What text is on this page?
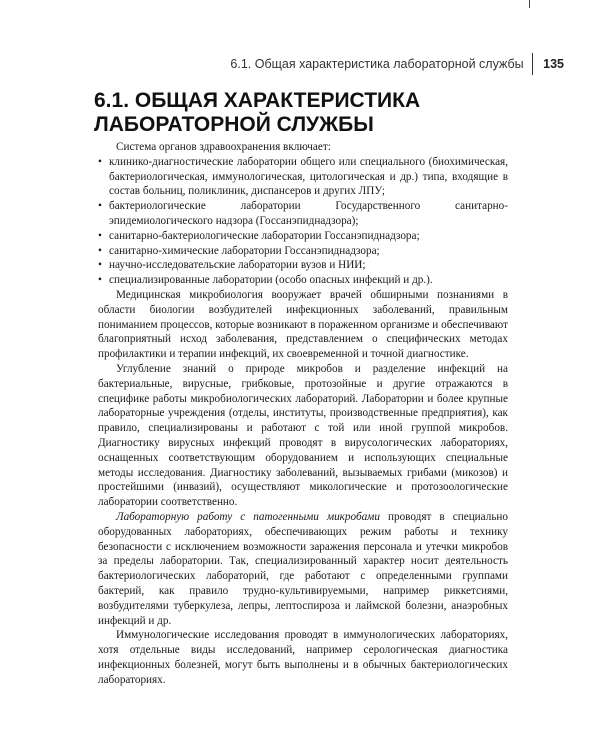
6.1. Общая характеристика лабораторной службы	135
6.1. ОБЩАЯ ХАРАКТЕРИСТИКА
ЛАБОРАТОРНОЙ СЛУЖБЫ

Система органов здравоохранения включает:

• клинико-диагностические лаборатории общего или специального (биохимическая, бактериологическая, иммунологическая, цитологическая и др.) типа, входящие в состав больниц, поликлиник, диспансеров и других ЛПУ;
• бактериологические лаборатории Государственного санитарно-эпидемиологического надзора (Госсанэпиднадзора);
• санитарно-бактериологические лаборатории Госсанэпиднадзора;
• санитарно-химические лаборатории Госсанэпиднадзора;
• научно-исследовательские лаборатории вузов и НИИ;
• специализированные лаборатории (особо опасных инфекций и др.).

Медицинская микробиология вооружает врачей обширными познаниями в области биологии возбудителей инфекционных заболеваний, правильным пониманием процессов, которые возникают в пораженном организме и обеспечивают благоприятный исход заболевания, представлением о специфических методах профилактики и терапии инфекций, их своевременной и точной диагностике.

Углубление знаний о природе микробов и разделение инфекций на бактериальные, вирусные, грибковые, протозойные и другие отражаются в специфике работы микробиологических лабораторий. Лаборатории и более крупные лабораторные учреждения (отделы, институты, производственные предприятия), как правило, специализированы и работают с той или иной группой микробов. Диагностику вирусных инфекций проводят в вирусологических лабораториях, оснащенных соответствующим оборудованием и использующих специальные методы исследования. Диагностику заболеваний, вызываемых грибами (микозов) и простейшими (инвазий), осуществляют микологические и протозоологические лаборатории соответственно.

Лабораторную работу с патогенными микробами проводят в специально оборудованных лабораториях, обеспечивающих режим работы и технику безопасности с исключением возможности заражения персонала и утечки микробов за пределы лаборатории. Так, специализированный характер носит деятельность бактериологических лабораторий, где работают с определенными группами бактерий, как правило трудно-культивируемыми, например риккетсиями, возбудителями туберкулеза, лепры, лептоспироза и лаймской болезни, анаэробных инфекций и др.

Иммунологические исследования проводят в иммунологических лабораториях, хотя отдельные виды исследований, например серологическая диагностика инфекционных болезней, могут быть выполнены и в обычных бактериологических лабораториях.
